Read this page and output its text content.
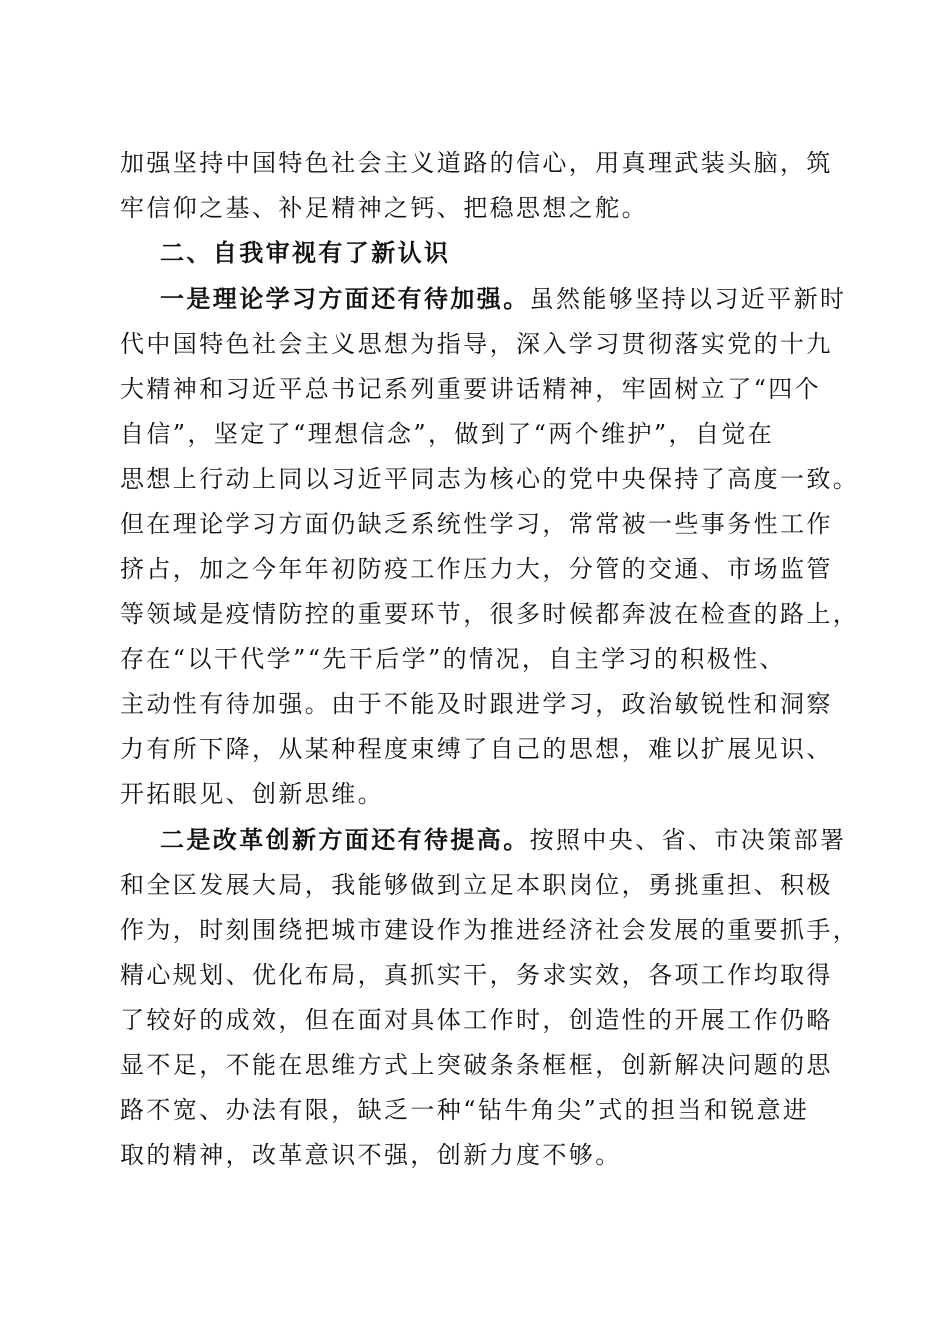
加强坚持中国特色社会主义道路的信心，用真理武装头脑，筑
牢信仰之基、补足精神之钙、把稳思想之舵。
二、自我审视有了新认识
一是理论学习方面还有待加强。虽然能够坚持以习近平新时
代中国特色社会主义思想为指导，深入学习贯彻落实党的十九
大精神和习近平总书记系列重要讲话精神，牢固树立了“四个
自信”，坚定了“理想信念”，做到了“两个维护”，自觉在
思想上行动上同以习近平同志为核心的党中央保持了高度一致。
但在理论学习方面仍缺乏系统性学习，常常被一些事务性工作
挤占，加之今年年初防疫工作压力大，分管的交通、市场监管
等领域是疫情防控的重要环节，很多时候都奔波在检查的路上，
存在“以干代学”“先干后学”的情况，自主学习的积极性、
主动性有待加强。由于不能及时跟进学习，政治敏锐性和洞察
力有所下降，从某种程度束缚了自己的思想，难以扩展见识、
开拓眼见、创新思维。
二是改革创新方面还有待提高。按照中央、省、市决策部署
和全区发展大局，我能够做到立足本职岗位，勇挑重担、积极
作为，时刻围绕把城市建设作为推进经济社会发展的重要抓手，
精心规划、优化布局，真抓实干，务求实效，各项工作均取得
了较好的成效，但在面对具体工作时，创造性的开展工作仍略
显不足，不能在思维方式上突破条条框框，创新解决问题的思
路不宽、办法有限，缺乏一种“钻牛角尖”式的担当和锐意进
取的精神，改革意识不强，创新力度不够。
